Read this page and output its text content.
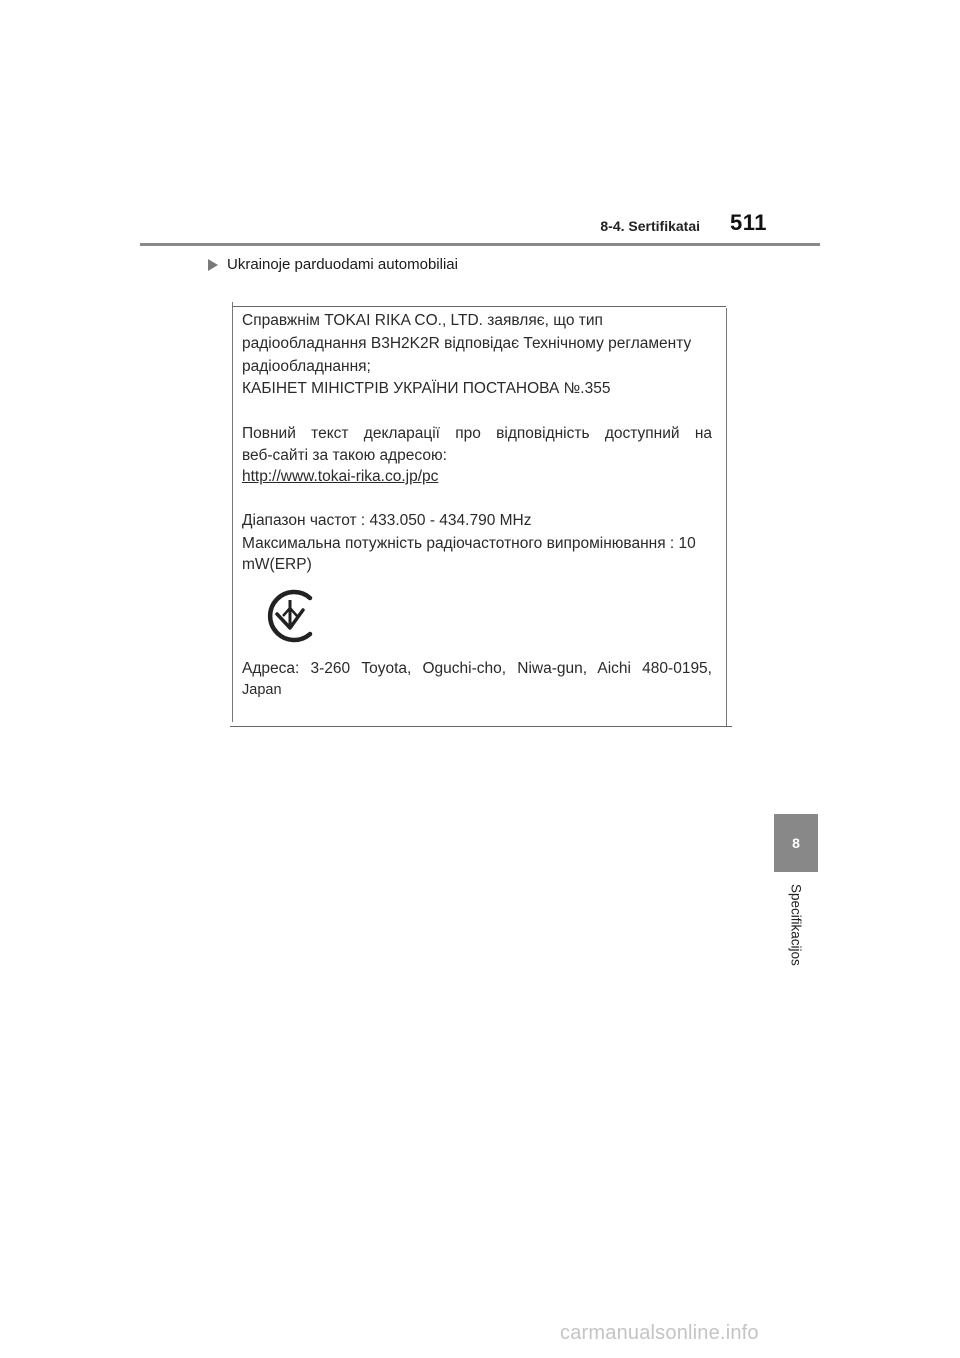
8-4. Sertifikatai 511
Ukrainoje parduodami automobiliai
Справжнім TOKAI RIKA CO., LTD. заявляє, що тип
радіообладнання B3H2K2R відповідає Технічному регламенту
радіообладнання;
КАБІНЕТ МІНІСТРІВ УКРАЇНИ ПОСТАНОВА №.355
Повний текст декларації про відповідність доступний на
веб-сайті за такою адресою:
http://www.tokai-rika.co.jp/pc
Діапазон частот : 433.050 - 434.790 MHz
Максимальна потужність радіочастотного випромінювання : 10
mW(ERP)
Адреса: 3-260 Toyota, Oguchi-cho, Niwa-gun, Aichi 480-0195,
Japan
8
Specifikacijos
carmanualsonline.info
